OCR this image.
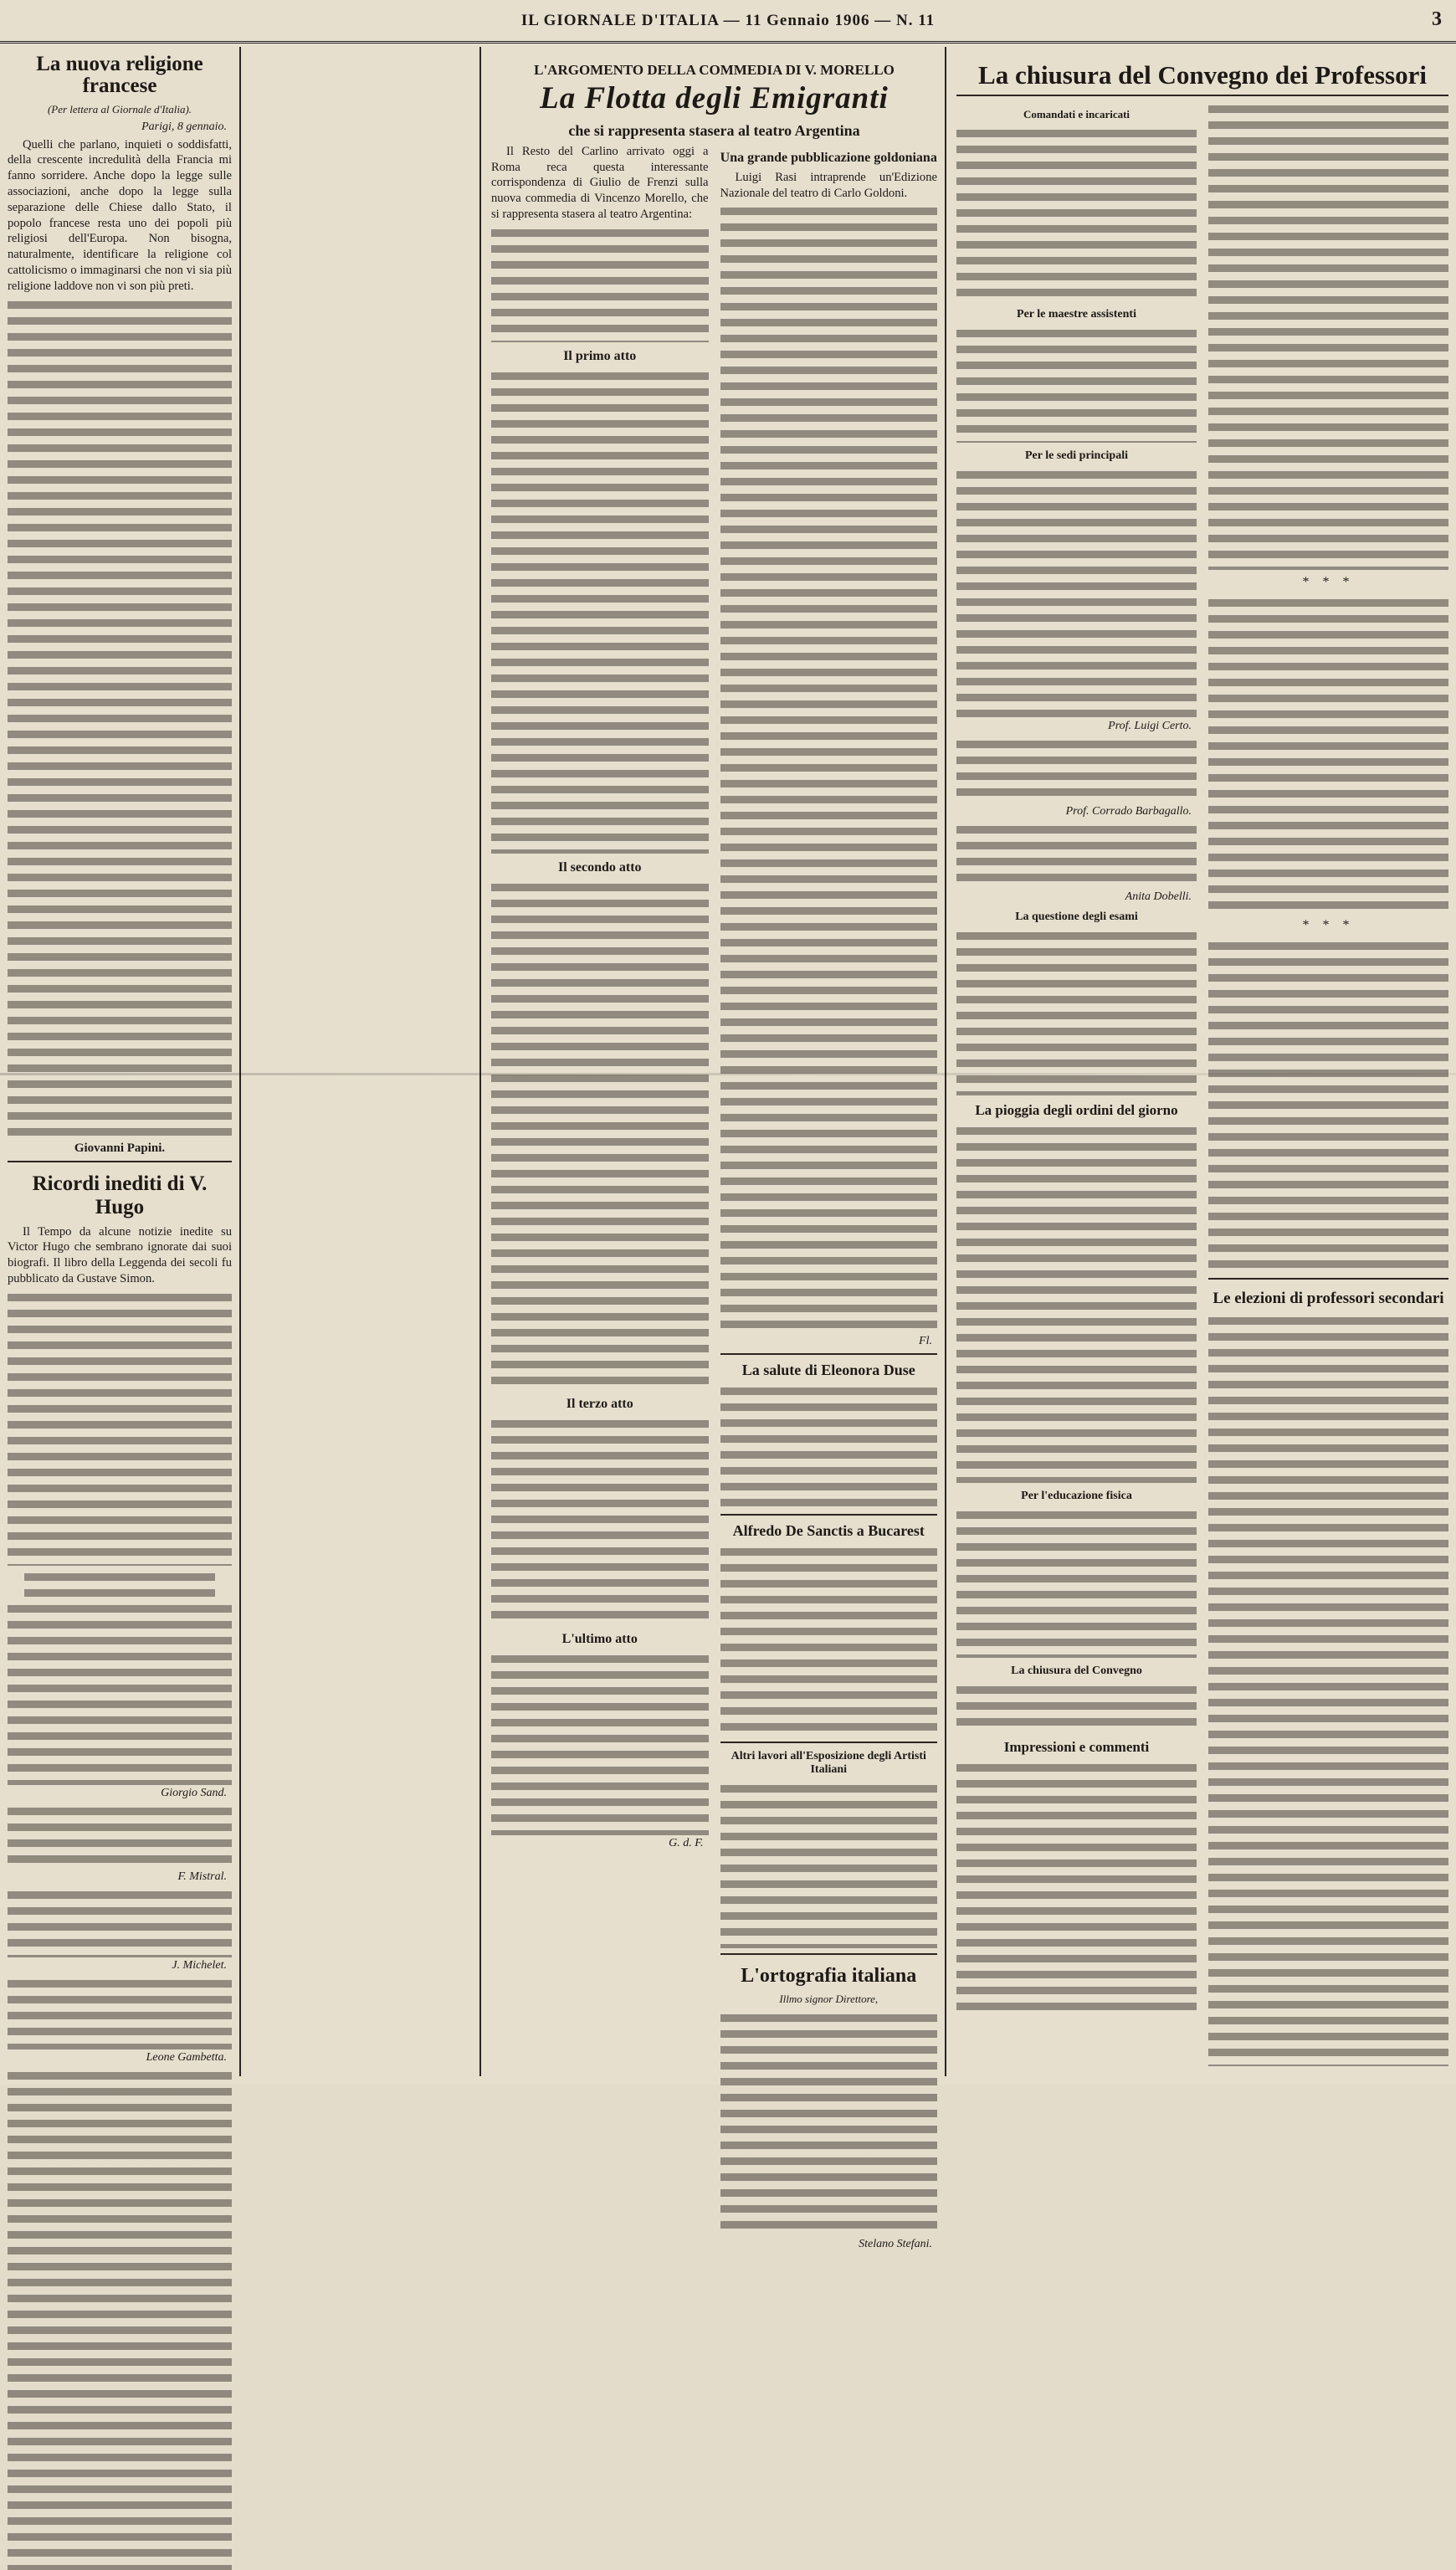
IL GIORNALE D'ITALIA — 11 Gennaio 1906 — N. 11	3
La nuova religione francese
(Per lettera al Giornale d'Italia).
Parigi, 8 gennaio.

Quelli che parlano, inquieti o soddisfatti, della crescente incredulità della Francia mi fanno sorridere. Anche dopo la legge sulle associazioni, anche dopo la legge sulla separazione delle Chiese dallo Stato, il popolo francese resta uno dei popoli più religiosi dell'Europa. Non bisogna, naturalmente, identificare la religione col cattolicismo o immaginarsi che non vi sia più religione laddove non vi son più preti.

Giovanni Papini.
Ricordi inediti di V. Hugo

Il Tempo da alcune notizie inedite su Victor Hugo che sembrano ignorate dai suoi biografi. Il libro della Leggenda dei secoli fu pubblicato da Gustave Simon.

Giorgio Sand.
F. Mistral.
J. Michelet.
Leone Gambetta.
L'ARGOMENTO DELLA COMMEDIA DI V. MORELLO
La Flotta degli Emigranti
che si rappresenta stasera al teatro Argentina

Il Resto del Carlino arrivato oggi a Roma reca questa interessante corrispondenza di Giulio de Frenzi sulla nuova commedia di Vincenzo Morello, che si rappresenta stasera al teatro Argentina:

Il primo atto
Il secondo atto
Il terzo atto
L'ultimo atto
G. d. F.
Una grande pubblicazione goldoniana

Luigi Rasi intraprende un'Edizione Nazionale del teatro di Carlo Goldoni.

Fl.
La salute di Eleonora Duse
Alfredo De Sanctis a Bucarest
Altri lavori all'Esposizione degli Artisti Italiani
L'ortografia italiana
Illmo signor Direttore,
Stelano Stefani.
La chiusura del Convegno dei Professori
Comandati e incaricati
Per le maestre assistenti
Per le sedi principali
Prof. Luigi Certo.
Prof. Corrado Barbagallo.
Anita Dobelli.
La questione degli esami
La pioggia degli ordini del giorno
Per l'educazione fisica
La chiusura del Convegno
Impressioni e commenti
* * *
* * *
Le elezioni di professori secondari
